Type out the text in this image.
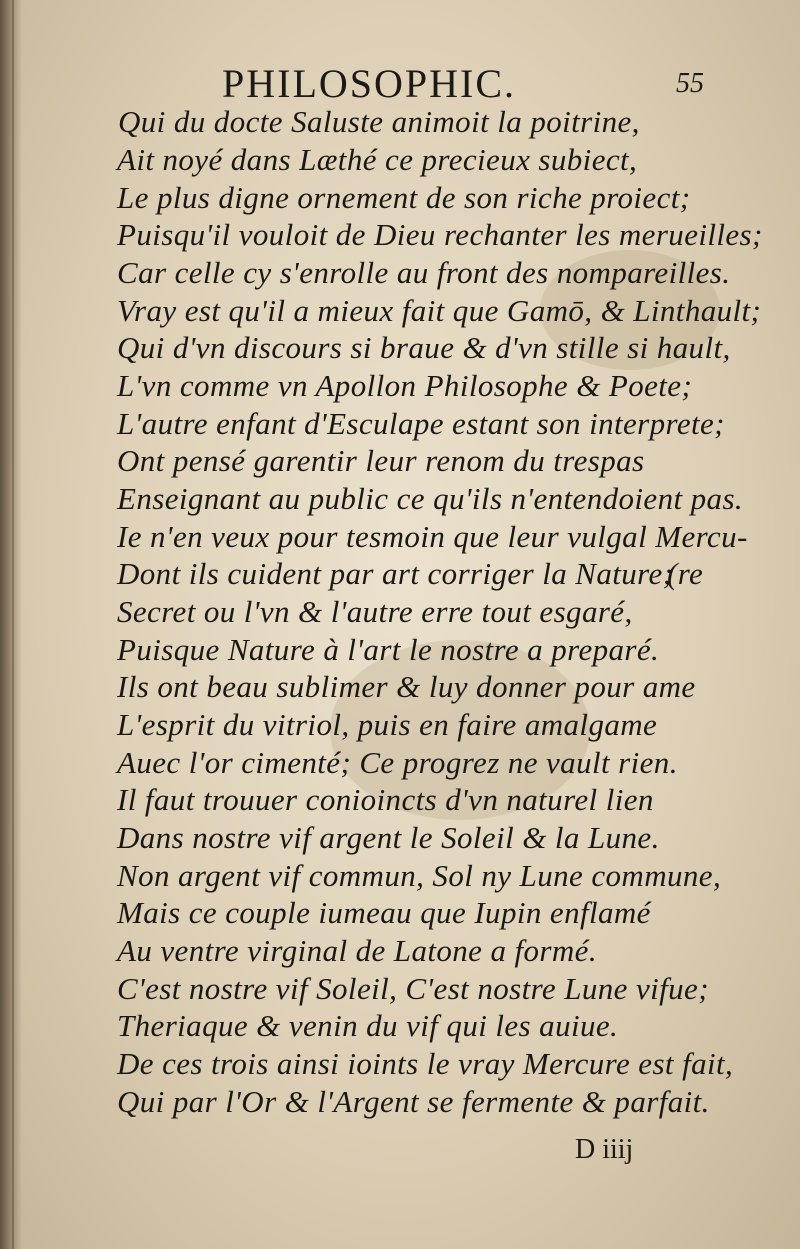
PHILOSOPHIC.	55
Qui du docte Saluste animoit la poitrine,
Ait noyé dans Læthé ce precieux subiect,
Le plus digne ornement de son riche proiect;
Puisqu'il vouloit de Dieu rechanter les merueilles;
Car celle cy s'enrolle au front des nompareilles.
Vray est qu'il a mieux fait que Gamō, & Linthault;
Qui d'vn discours si braue & d'vn stille si hault,
L'vn comme vn Apollon Philosophe & Poete;
L'autre enfant d'Esculape estant son interprete;
Ont pensé garentir leur renom du trespas
Enseignant au public ce qu'ils n'entendoient pas.
Ie n'en veux pour tesmoin que leur vulgal Mercu-
Dont ils cuident par art corriger la Nature;
(re
Secret ou l'vn & l'autre erre tout esgaré,
Puisque Nature à l'art le nostre a preparé.
Ils ont beau sublimer & luy donner pour ame
L'esprit du vitriol, puis en faire amalgame
Auec l'or cimenté; Ce progrez ne vault rien.
Il faut trouuer conioincts d'vn naturel lien
Dans nostre vif argent le Soleil & la Lune.
Non argent vif commun, Sol ny Lune commune,
Mais ce couple iumeau que Iupin enflamé
Au ventre virginal de Latone a formé.
C'est nostre vif Soleil, C'est nostre Lune vifue;
Theriaque & venin du vif qui les auiue.
De ces trois ainsi ioints le vray Mercure est fait,
Qui par l'Or & l'Argent se fermente & parfait.
D iiij
